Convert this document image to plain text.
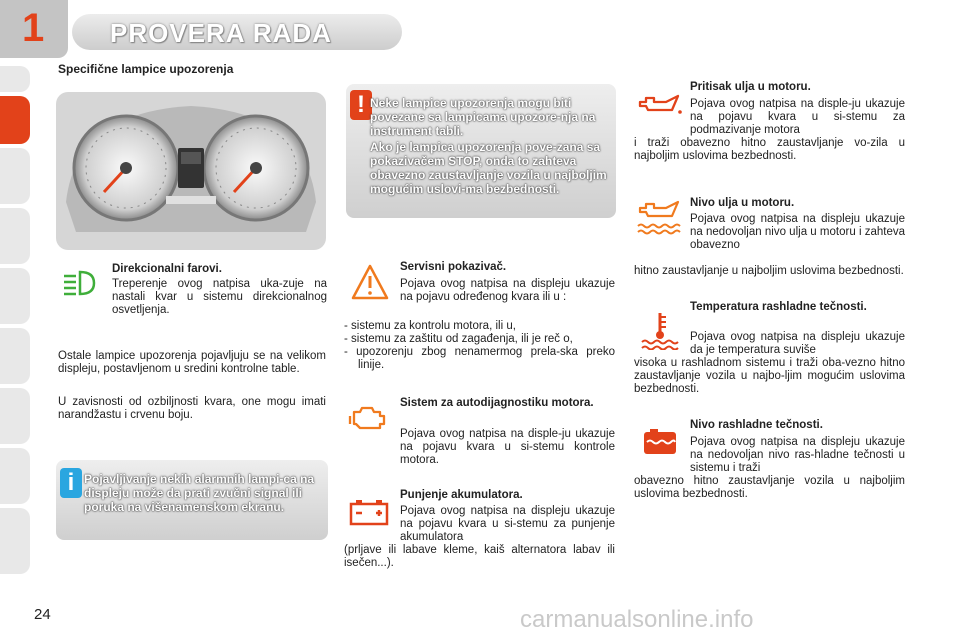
1	PROVERA RADA
Specifične lampice upozorenja
! Neke lampice upozorenja mogu biti povezane sa lampicama upozore-nja na instrument tabli.
Ako je lampica upozorenja pove-zana sa pokazivačem STOP, onda to zahteva obavezno zaustavljanje vozila u najboljim mogućim uslovi-ma bezbednosti.
i Pojavljivanje nekih alarmnih lampi-ca na displeju može da prati zvučni signal ili poruka na višenamenskom ekranu.
Direkcionalni farovi.
Treperenje ovog natpisa uka-zuje na nastali kvar u sistemu direkcionalnog osvetljenja.
Ostale lampice upozorenja pojavljuju se na velikom displeju, postavljenom u sredini kontrolne table.
U zavisnosti od ozbiljnosti kvara, one mogu imati narandžastu i crvenu boju.
Servisni pokazivač.
Pojava ovog natpisa na displeju ukazuje na pojavu određenog kvara ili u :
- sistemu za kontrolu motora, ili u,
- sistemu za zaštitu od zagađenja, ili je reč o,
- upozorenju zbog nenamermog prela-ska preko linije.
Sistem za autodijagnostiku motora.
Pojava ovog natpisa na disple-ju ukazuje na pojavu kvara u si-stemu kontrole motora.
Punjenje akumulatora.
Pojava ovog natpisa na displeju ukazuje na pojavu kvara u si-stemu za punjenje akumulatora
(prljave ili labave kleme, kaiš alternatora labav ili isečen...).
Pritisak ulja u motoru.
Pojava ovog natpisa na disple-ju ukazuje na pojavu kvara u si-stemu za podmazivanje motora
i traži obavezno hitno zaustavljanje vo-zila u najboljim uslovima bezbednosti.
Nivo ulja u motoru.
Pojava ovog natpisa na displeju ukazuje na nedovoljan nivo ulja u motoru i zahteva obavezno
hitno zaustavljanje u najboljim uslovima bezbednosti.
Temperatura rashladne tečnosti.
Pojava ovog natpisa na displeju ukazuje da je temperatura suviše
visoka u rashladnom sistemu i traži oba-vezno hitno zaustavljanje vozila u najbo-ljim mogućim uslovima bezbednosti.
Nivo rashladne tečnosti.
Pojava ovog natpisa na displeju ukazuje na nedovoljan nivo ras-hladne tečnosti u sistemu i traži
obavezno hitno zaustavljanje vozila u najboljim uslovima bezbednosti.
24	carmanualsonline.info
